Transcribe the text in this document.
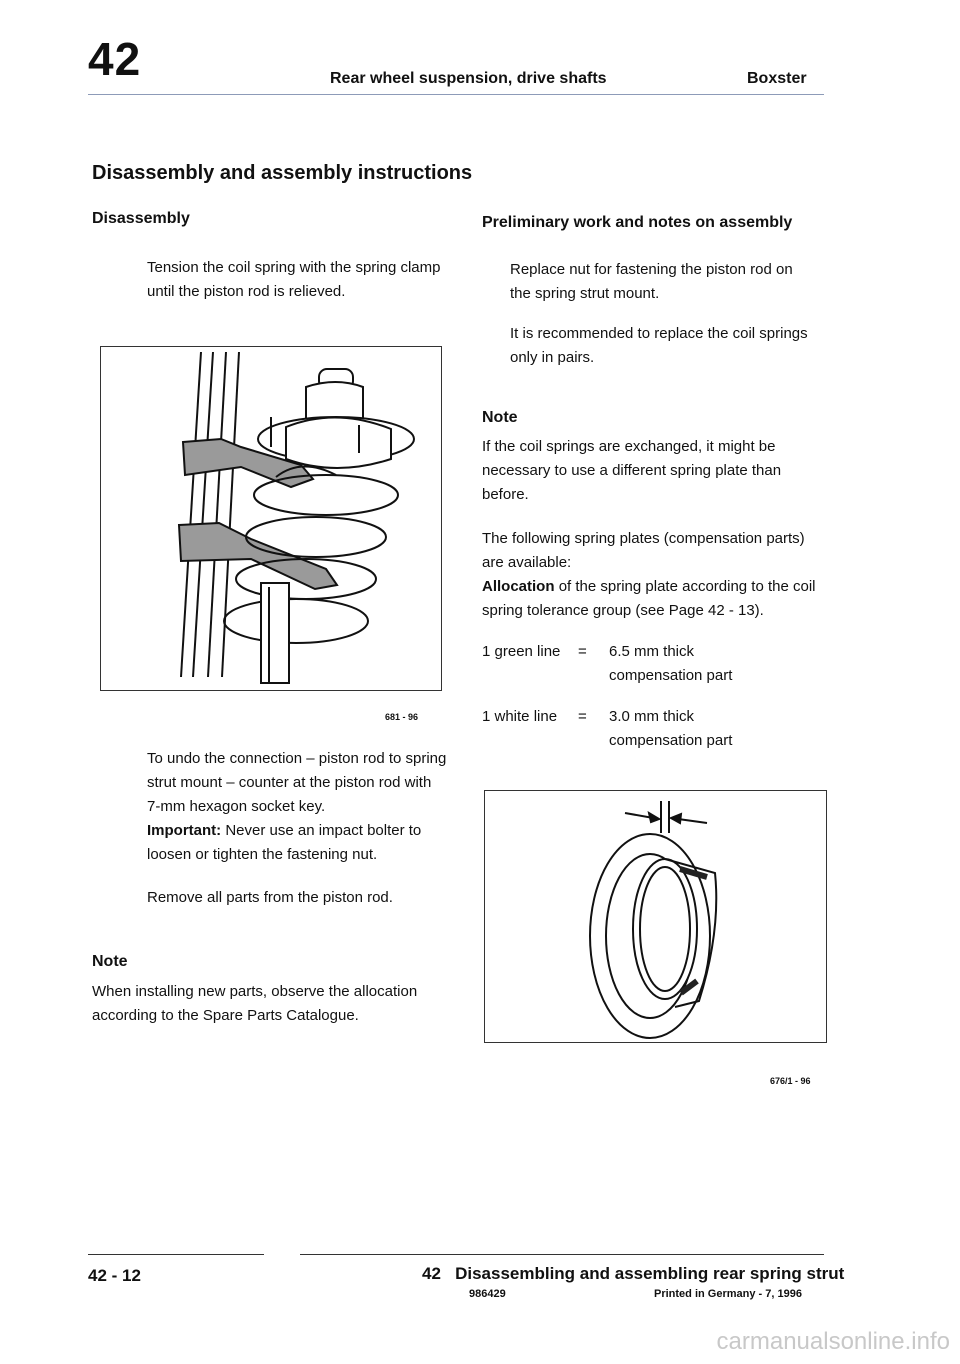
42	Rear wheel suspension, drive shafts	Boxster
Disassembly and assembly instructions
Disassembly

Tension the coil spring with the spring clamp until the piston rod is relieved.

681 - 96

To undo the connection – piston rod to spring strut mount – counter at the piston rod with 7-mm hexagon socket key.
Important: Never use an impact bolter to loosen or tighten the fastening nut.

Remove all parts from the piston rod.

Note

When installing new parts, observe the allocation according to the Spare Parts Catalogue.

Preliminary work and notes on assembly

Replace nut for fastening the piston rod on the spring strut mount.

It is recommended to replace the coil springs only in pairs.

Note

If the coil springs are exchanged, it might be necessary to use a different spring plate than before.

The following spring plates (compensation parts) are available:
Allocation of the spring plate according to the coil spring tolerance group (see Page 42 - 13).

1 green line	= 6.5 mm thick

compensation part

1 white line	= 3.0 mm thick

compensation part

676/1 - 96
42 - 12	42   Disassembling and assembling rear spring strut
986429	Printed in Germany - 7, 1996
carmanualsonline.info
